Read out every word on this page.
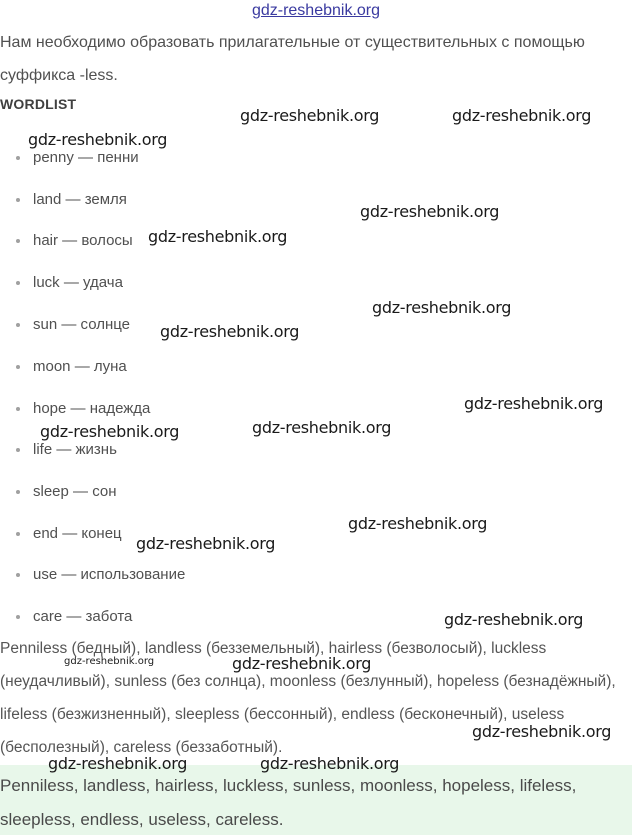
gdz-reshebnik.org
Нам необходимо образовать прилагательные от существительных с помощью суффикса -less.
WORDLIST
penny — пенни
land — земля
hair — волосы
luck — удача
sun — солнце
moon — луна
hope — надежда
life — жизнь
sleep — сон
end — конец
use — использование
care — забота
Penniless (бедный), landless (безземельный), hairless (безволосый), luckless (неудачливый), sunless (без солнца), moonless (безлунный), hopeless (безнадёжный), lifeless (безжизненный), sleepless (бессонный), endless (бесконечный), useless (бесполезный), careless (беззаботный).
Penniless, landless, hairless, luckless, sunless, moonless, hopeless, lifeless, sleepless, endless, useless, careless.
gdz-reshebnik.org	gdz-reshebnik.org
gdz-reshebnik.org
gdz-reshebnik.org
gdz-reshebnik.org
gdz-reshebnik.org
gdz-reshebnik.org
gdz-reshebnik.org
gdz-reshebnik.org	gdz-reshebnik.org
gdz-reshebnik.org
gdz-reshebnik.org
gdz-reshebnik.org
gdz-reshebnik.org	gdz-reshebnik.org
gdz-reshebnik.org
gdz-reshebnik.org	gdz-reshebnik.org
